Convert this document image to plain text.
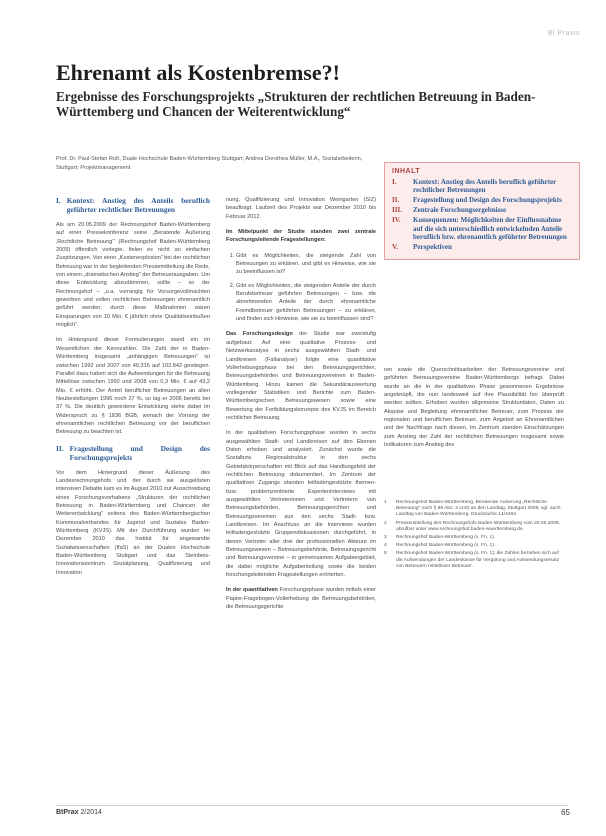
Bl Praxis
Ehrenamt als Kostenbremse?!
Ergebnisse des Forschungsprojekts „Strukturen der rechtlichen Betreuung in Baden-Württemberg und Chancen der Weiterentwicklung“
Prof. Dr. Paul-Stefan Roß, Duale Hochschule Baden-Württemberg Stuttgart; Andrea Dorothea Müller, M.A., Sozialarbeiterin, Stuttgart; Projektmanagement
I. Kontext: Anstieg des Anteils beruflich geführter rechtlicher Betreuungen

Als am 20.05.2009 der Rechnungshof Baden-Württemberg auf einer Pressekonferenz seine „Beratende Äußerung ‚Rechtliche Betreuung‘“ (Rechnungshof Baden-Württemberg 2009) öffentlich vorlegte, fielen es nicht an einfachen Zuspitzungen. Von einer „Kostenexplosion“ bei der rechtlichen Betreuung war in der begleitenden Pressemitteilung die Rede, von einem „dramatischen Anstieg“ der Betreuerausgaben. Um diese Entwicklung abzudämmen, sollte – so der Rechnungshof – „u.a. vorrangig für Vorsorgevollmachten geworben und vollen rechtlichen Betreuungen ehrenamtlich geführt werden; durch diese Maßnahmen wären Einsparungen von 10 Mio. € jährlich ohne Qualitätseinbußen möglich“.

Im Hintergrund dieser Formulierungen stand ein im Wesentlichen der Kennzahlen. Die Zahl der in Baden-Württemberg insgesamt „anhängigen Betreuungen“ ist zwischen 1992 und 2007 von 40.315 auf 102.842 gestiegen. Parallel dazu haben sich die Aufwendungen für die Betreuung Mittellose zwischen 1992 und 2008 von 0,3 Mio. € auf 43,2 Mio. € erhöht. Der Anteil beruflicher Betreuungen an allen Neubestellungen 1996 noch 27 %, so lag er 2006 bereits bei 37 %. Die deutlich gewordene Entwicklung stehe dabei im Widerspruch zu § 1836 BGB, wonach der Vorrang der ehrenamtlichen rechtlichen Betreuung vor der beruflichen Betreuung zu beachten ist.

II. Fragestellung und Design des Forschungsprojekts

Vor dem Hintergrund dieser Äußerung des Landesrechnungshofs und der durch sie ausgelösten intensiven Debatte kam es im August 2010 zur Ausschreibung eines Forschungsvorhabens „Strukturen der rechtlichen Betreuung in Baden-Württemberg und Chancen der Weiterentwicklung“ seitens des Baden-Württembergischen Kommunalverbandes für Jugend und Soziales Baden-Württemberg (KVJS). Mit der Durchführung wurden im Dezember 2010 das Institut für angewandte Sozialwissenschaften (IfaS) an der Dualen Hochschule Baden-Württemberg Stuttgart und das Steinbeis-Innovationszentrum Sozialplanung, Qualifizierung und Innovation

nung, Qualifizierung und Innovation Weingarten (SIZ) beauftragt. Laufzeit des Projekts war Dezember 2010 bis Februar 2012.

Im Mittelpunkt der Studie standen zwei zentrale Forschungsleitende Fragestellungen:

1. Gibt es Möglichkeiten, die steigende Zahl von Betreuungen zu erklären, und gibt es Hinweise, wie sie zu beeinflussen ist?
2. Gibt es Möglichkeiten, die steigenden Anteile der durch Berufsbetreuer geführten Betreuungen – bzw. die abnehmenden Anteile der durch ehrenamtliche Fremdbetreuer geführten Betreuungen – zu erklären, und finden sich Hinweise, wie sie zu beeinflussen sind?

Das Forschungsdesign der Studie war zweistufig aufgebaut: Auf eine qualitative Prozess- und Netzwerkanalyse in sechs ausgewählten Stadt- und Landkreisen (Fallanalyse) folgte eine quantitative Vollerhebungsphase bei den Betreuungsgerichten, Betreuungsbehörden und Betreuungsvereinen in Baden-Württemberg. Hinzu kamen die Sekundärauswertung vorliegender Statistiken und Berichte zum Baden-Württembergischen Betreuungswesen sowie eine Bewertung der Fortbildungskonzepte des KVJS im Bereich rechtlicher Betreuung.

In der qualitativen Forschungsphase wurden in sechs ausgewählten Stadt- und Landkreisen auf den Ebenen Daten erhoben und analysiert. Zunächst wurde die Sozialbzw. Regionalstruktur in den sechs Gebietskörperschaften mit Blick auf das Handlungsfeld der rechtlichen Betreuung dokumentiert. Im Zentrum der qualitativen Zugangs standen leitfadengestützte themen- bzw. problemzentrierte Experteninterviews mit ausgewählten Vertreterinnen und Vertretern von Betreuungsbehörden, Betreuungsgerichten und Betreuungsvereinen aus den sechs Stadt- bzw. Landkreisen. Im Anschluss an die Interviews wurden leitfadengestützte Gruppendiskussionen durchgeführt, in denen Vertreter aller drei der professionellen Akteure im Betreuungswesen – Betreuungsbehörde, Betreuungsgericht und Betreuungsvereine – in gemeinsamen Aufgabengebiet, die dabei mögliche Aufgabenteilung sowie die beiden forschungsleitenden Fragestellungen erörterten.

In der quantitativen Forschungsphase wurden mittels einer Papier-Fragebogen-Vollerhebung die Betreuungsbehörden, die Betreuungsgerichte

INHALT
I.	Kontext: Anstieg des Anteils beruflich geführter rechtlicher Betreuungen
II.	Fragestellung und Design des Forschungsprojekts
III.	Zentrale Forschungsergebnisse
IV.	Konsequenzen: Möglichkeiten der Einflussnahme auf die sich unterschiedlich entwickelnden Anteile beruflich bzw. ehrenamtlich geführter Betreuungen
V.	Perspektiven

ren sowie die Querschnittsarbeiten der Betreuungsvereine und geführten Betreuungsvereine Baden-Württembergs befragt. Dabei wurde an die in der qualitativen Phase gewonnenen Ergebnisse angeknüpft, die nun landesweit auf ihre Plausibilität hin überprüft werden sollten. Erhoben wurden allgemeine Strukturdaten, Daten zu Akquise und Begleitung ehrenamtlicher Betreuer, zum Prozess der regionalen und beruflichen Betreuer, zum Angebot an Ehrenamtlichen und der Nachfrage nach diesen. Im Zentrum standen Einschätzungen zum Anstieg der Zahl der rechtlichen Betreuungen insgesamt sowie Indikatoren zum Anstieg des

1	Rechnungshof Baden-Württemberg, Beratende Äußerung „Rechtliche Betreuung“ nach § 88 Abs. 2 LHO an den Landtag, Stuttgart 2009; vgl. auch Landtag von Baden-Württemberg, Drucksache 14/4494.
2	Pressemitteilung des Rechnungshofs Baden-Württemberg vom 20.05.2009, abrufbar unter www.rechnungshof.baden-wuerttemberg.de.
3	Rechnungshof Baden-Württemberg (s. Fn. 1).
4	Rechnungshof Baden-Württemberg (s. Fn. 1).
5	Rechnungshof Baden-Württemberg (s. Fn. 1); die Zahlen beziehen sich auf die Aufwendungen der Landeskasse für Vergütung und Aufwendungsersatz von Betreuern mittelloser Betreuter.
BtPrax 2/2014	65
